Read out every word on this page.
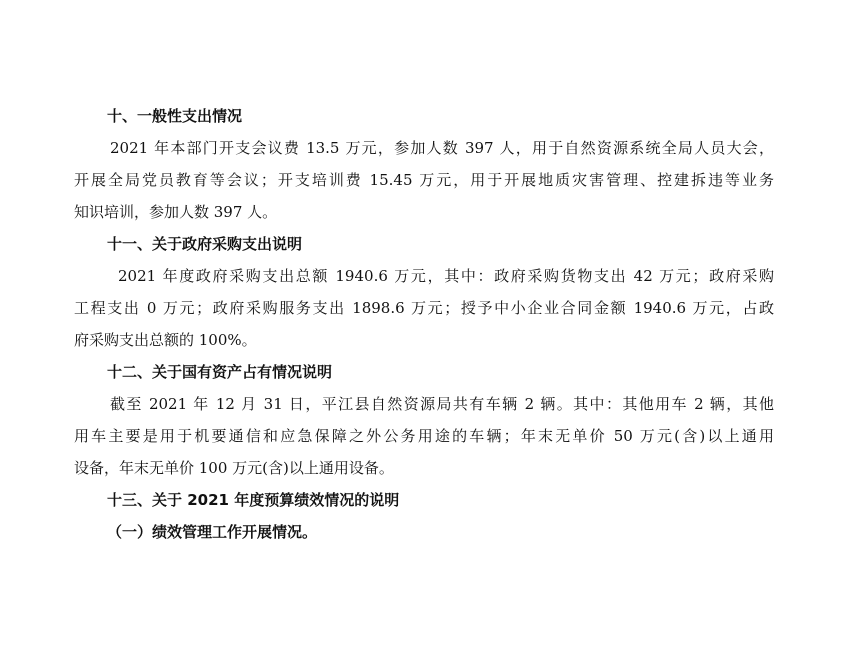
十、一般性支出情况
2021 年本部门开支会议费 13.5 万元，参加人数 397 人，用于自然资源系统全局人员大会，
开展全局党员教育等会议；开支培训费 15.45 万元，用于开展地质灾害管理、控建拆违等业务
知识培训，参加人数 397 人。
十一、关于政府采购支出说明
2021 年度政府采购支出总额 1940.6 万元，其中：政府采购货物支出 42 万元；政府采购
工程支出 0 万元；政府采购服务支出 1898.6 万元；授予中小企业合同金额 1940.6 万元，占政
府采购支出总额的 100%。
十二、关于国有资产占有情况说明
截至 2021 年 12 月 31 日，平江县自然资源局共有车辆 2 辆。其中：其他用车 2 辆，其他
用车主要是用于机要通信和应急保障之外公务用途的车辆；年末无单价 50 万元(含)以上通用
设备，年末无单价 100 万元(含)以上通用设备。
十三、关于 2021 年度预算绩效情况的说明
（一）绩效管理工作开展情况。
